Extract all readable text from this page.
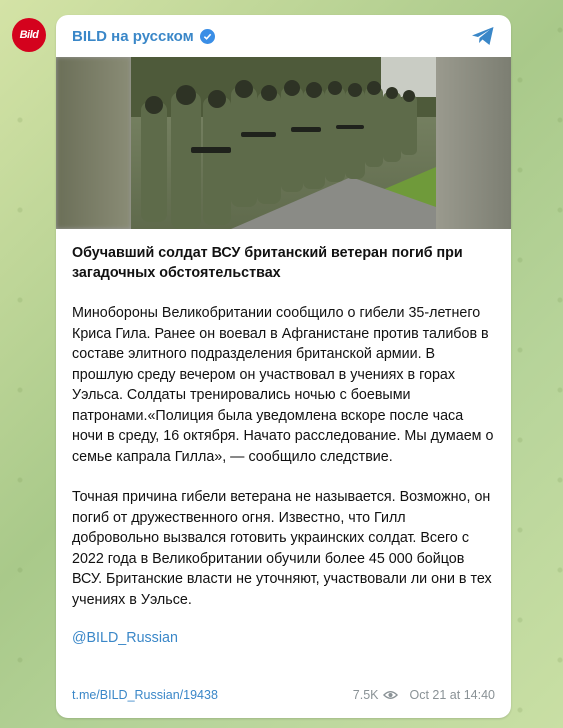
Bild BILD на русском
Обучавший солдат ВСУ британский ветеран погиб при загадочных обстоятельствах
Минобороны Великобритании сообщило о гибели 35-летнего Криса Гила. Ранее он воевал в Афганистане против талибов в составе элитного подразделения британской армии. В прошлую среду вечером он участвовал в учениях в горах Уэльса. Солдаты тренировались ночью с боевыми патронами.«Полиция была уведомлена вскоре после часа ночи в среду, 16 октября. Начато расследование. Мы думаем о семье капрала Гилла», — сообщило следствие.
Точная причина гибели ветерана не называется. Возможно, он погиб от дружественного огня. Известно, что Гилл добровольно вызвался готовить украинских солдат. Всего с 2022 года в Великобритании обучили более 45 000 бойцов ВСУ. Британские власти не уточняют, участвовали ли они в тех учениях в Уэльсе.
@BILD_Russian
t.me/BILD_Russian/19438	7.5K Oct 21 at 14:40
